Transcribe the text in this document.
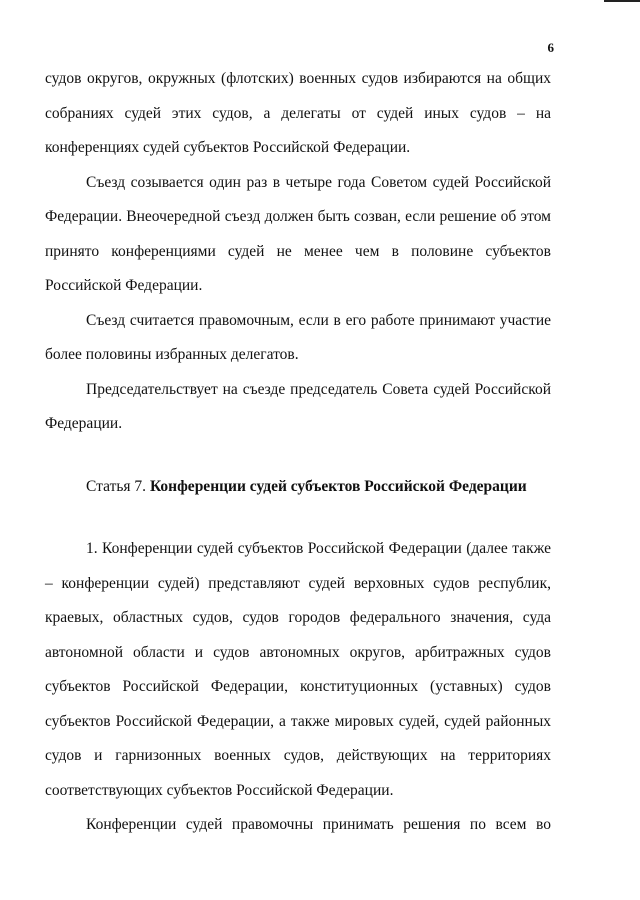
6

судов округов, окружных (флотских) военных судов избираются на общих собраниях судей этих судов, а делегаты от судей иных судов – на конференциях судей субъектов Российской Федерации.

Съезд созывается один раз в четыре года Советом судей Российской Федерации. Внеочередной съезд должен быть созван, если решение об этом принято конференциями судей не менее чем в половине субъектов Российской Федерации.

Съезд считается правомочным, если в его работе принимают участие более половины избранных делегатов.

Председательствует на съезде председатель Совета судей Российской Федерации.

Статья 7. Конференции судей субъектов Российской Федерации

1. Конференции судей субъектов Российской Федерации (далее также – конференции судей) представляют судей верховных судов республик, краевых, областных судов, судов городов федерального значения, суда автономной области и судов автономных округов, арбитражных судов субъектов Российской Федерации, конституционных (уставных) судов субъектов Российской Федерации, а также мировых судей, судей районных судов и гарнизонных военных судов, действующих на территориях соответствующих субъектов Российской Федерации.

Конференции судей правомочны принимать решения по всем во
